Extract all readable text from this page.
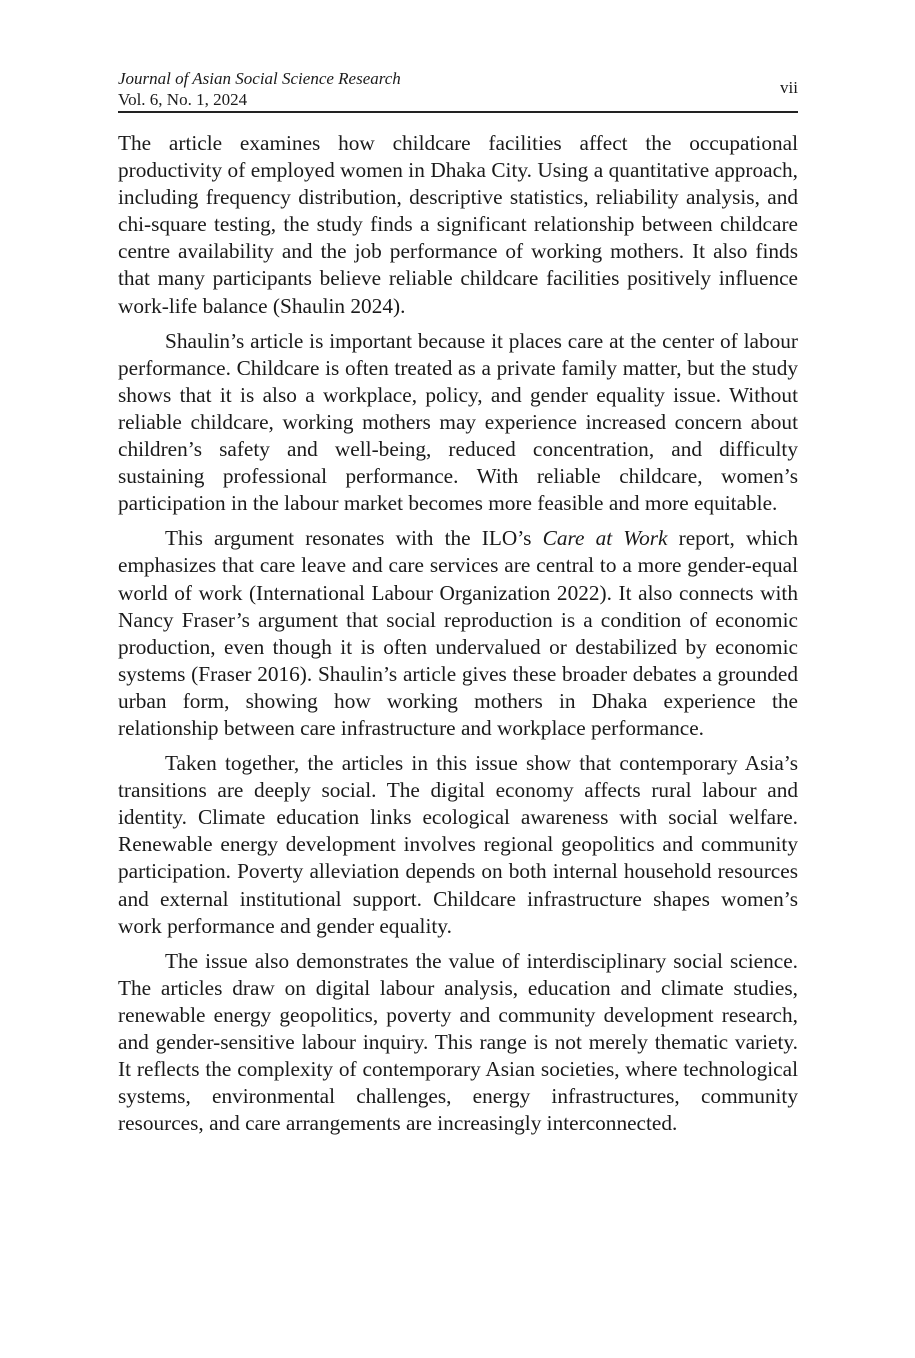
Journal of Asian Social Science Research
Vol. 6, No. 1, 2024
vii

The article examines how childcare facilities affect the occupational productivity of employed women in Dhaka City. Using a quantitative approach, including frequency distribution, descriptive statistics, reliability analysis, and chi-square testing, the study finds a significant relationship between childcare centre availability and the job performance of working mothers. It also finds that many participants believe reliable childcare facilities positively influence work-life balance (Shaulin 2024).

Shaulin’s article is important because it places care at the center of labour performance. Childcare is often treated as a private family matter, but the study shows that it is also a workplace, policy, and gender equality issue. Without reliable childcare, working mothers may experience increased concern about children’s safety and well-being, reduced concentration, and difficulty sustaining professional performance. With reliable childcare, women’s participation in the labour market becomes more feasible and more equitable.

This argument resonates with the ILO’s Care at Work report, which emphasizes that care leave and care services are central to a more gender-equal world of work (International Labour Organization 2022). It also connects with Nancy Fraser’s argument that social reproduction is a condition of economic production, even though it is often undervalued or destabilized by economic systems (Fraser 2016). Shaulin’s article gives these broader debates a grounded urban form, showing how working mothers in Dhaka experience the relationship between care infrastructure and workplace performance.

Taken together, the articles in this issue show that contemporary Asia’s transitions are deeply social. The digital economy affects rural labour and identity. Climate education links ecological awareness with social welfare. Renewable energy development involves regional geopolitics and community participation. Poverty alleviation depends on both internal household resources and external institutional support. Childcare infrastructure shapes women’s work performance and gender equality.

The issue also demonstrates the value of interdisciplinary social science. The articles draw on digital labour analysis, education and climate studies, renewable energy geopolitics, poverty and community development research, and gender-sensitive labour inquiry. This range is not merely thematic variety. It reflects the complexity of contemporary Asian societies, where technological systems, environmental challenges, energy infrastructures, community resources, and care arrangements are increasingly interconnected.
